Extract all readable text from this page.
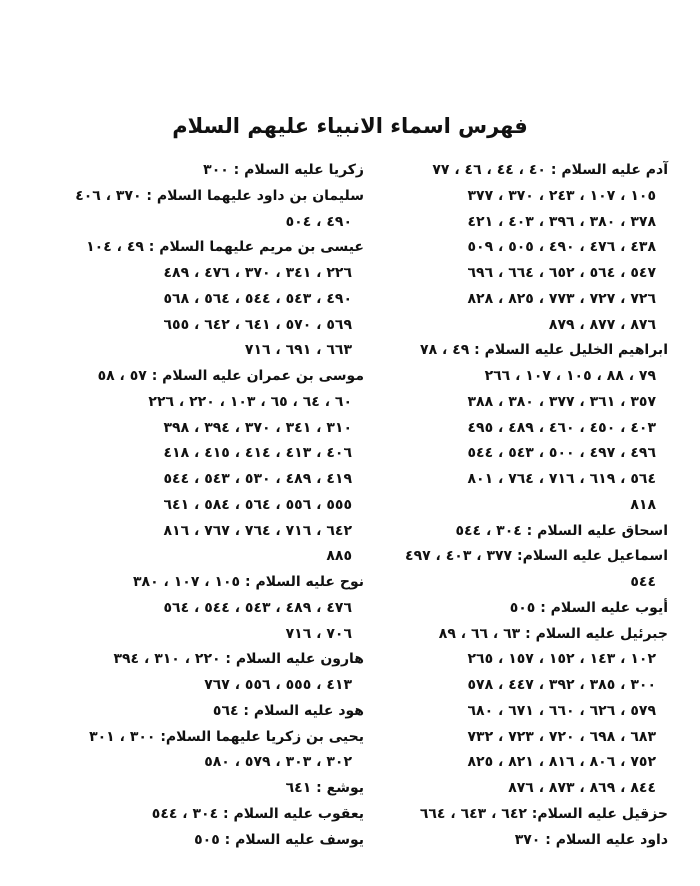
فهرس اسماء الانبياء عليهم السلام
آدم عليه السلام : ٤٠ ، ٤٤ ، ٤٦ ، ٧٧
١٠٥ ، ١٠٧ ، ٢٤٣ ، ٣٧٠ ، ٣٧٧
٣٧٨ ، ٣٨٠ ، ٣٩٦ ، ٤٠٣ ، ٤٢١
٤٣٨ ، ٤٧٦ ، ٤٩٠ ، ٥٠٥ ، ٥٠٩
٥٤٧ ، ٥٦٤ ، ٦٥٢ ، ٦٦٤ ، ٦٩٦
٧٢٦ ، ٧٢٧ ، ٧٧٣ ، ٨٢٥ ، ٨٢٨
٨٧٦ ، ٨٧٧ ، ٨٧٩
ابراهيم الخليل عليه السلام : ٤٩ ، ٧٨
٧٩ ، ٨٨ ، ١٠٥ ، ١٠٧ ، ٢٦٦
٣٥٧ ، ٣٦١ ، ٣٧٧ ، ٣٨٠ ، ٣٨٨
٤٠٣ ، ٤٥٠ ، ٤٦٠ ، ٤٨٩ ، ٤٩٥
٤٩٦ ، ٤٩٧ ، ٥٠٠ ، ٥٤٣ ، ٥٤٤
٥٦٤ ، ٦١٩ ، ٧١٦ ، ٧٦٤ ، ٨٠١
٨١٨
اسحاق عليه السلام : ٣٠٤ ، ٥٤٤
اسماعيل عليه السلام: ٣٧٧ ، ٤٠٣ ، ٤٩٧
٥٤٤
أيوب عليه السلام : ٥٠٥
جبرئيل عليه السلام : ٦٣ ، ٦٦ ، ٨٩
١٠٢ ، ١٤٣ ، ١٥٢ ، ١٥٧ ، ٢٦٥
٣٠٠ ، ٣٨٥ ، ٣٩٢ ، ٤٤٧ ، ٥٧٨
٥٧٩ ، ٦٢٦ ، ٦٦٠ ، ٦٧١ ، ٦٨٠
٦٨٣ ، ٦٩٨ ، ٧٢٠ ، ٧٢٣ ، ٧٣٢
٧٥٢ ، ٨٠٦ ، ٨١٦ ، ٨٢١ ، ٨٢٥
٨٤٤ ، ٨٦٩ ، ٨٧٣ ، ٨٧٦
حزقيل عليه السلام: ٦٤٢ ، ٦٤٣ ، ٦٦٤
داود عليه السلام : ٣٧٠
زكريا عليه السلام : ٣٠٠
سليمان بن داود عليهما السلام : ٣٧٠ ، ٤٠٦
٤٩٠ ، ٥٠٤
عيسى بن مريم عليهما السلام : ٤٩ ، ١٠٤
٢٢٦ ، ٣٤١ ، ٣٧٠ ، ٤٧٦ ، ٤٨٩
٤٩٠ ، ٥٤٣ ، ٥٤٤ ، ٥٦٤ ، ٥٦٨
٥٦٩ ، ٥٧٠ ، ٦٤١ ، ٦٤٢ ، ٦٥٥
٦٦٣ ، ٦٩١ ، ٧١٦
موسى بن عمران عليه السلام : ٥٧ ، ٥٨
٦٠ ، ٦٤ ، ٦٥ ، ١٠٣ ، ٢٢٠ ، ٢٢٦
٣١٠ ، ٣٤١ ، ٣٧٠ ، ٣٩٤ ، ٣٩٨
٤٠٦ ، ٤١٣ ، ٤١٤ ، ٤١٥ ، ٤١٨
٤١٩ ، ٤٨٩ ، ٥٣٠ ، ٥٤٣ ، ٥٤٤
٥٥٥ ، ٥٥٦ ، ٥٦٤ ، ٥٨٤ ، ٦٤١
٦٤٢ ، ٧١٦ ، ٧٦٤ ، ٧٦٧ ، ٨١٦
٨٨٥
نوح عليه السلام : ١٠٥ ، ١٠٧ ، ٣٨٠
٤٧٦ ، ٤٨٩ ، ٥٤٣ ، ٥٤٤ ، ٥٦٤
٧٠٦ ، ٧١٦
هارون عليه السلام : ٢٢٠ ، ٣١٠ ، ٣٩٤
٤١٣ ، ٥٥٥ ، ٥٥٦ ، ٧٦٧
هود عليه السلام : ٥٦٤
يحيى بن زكريا عليهما السلام: ٣٠٠ ، ٣٠١
٣٠٢ ، ٣٠٣ ، ٥٧٩ ، ٥٨٠
يوشع : ٦٤١
يعقوب عليه السلام : ٣٠٤ ، ٥٤٤
يوسف عليه السلام : ٥٠٥
